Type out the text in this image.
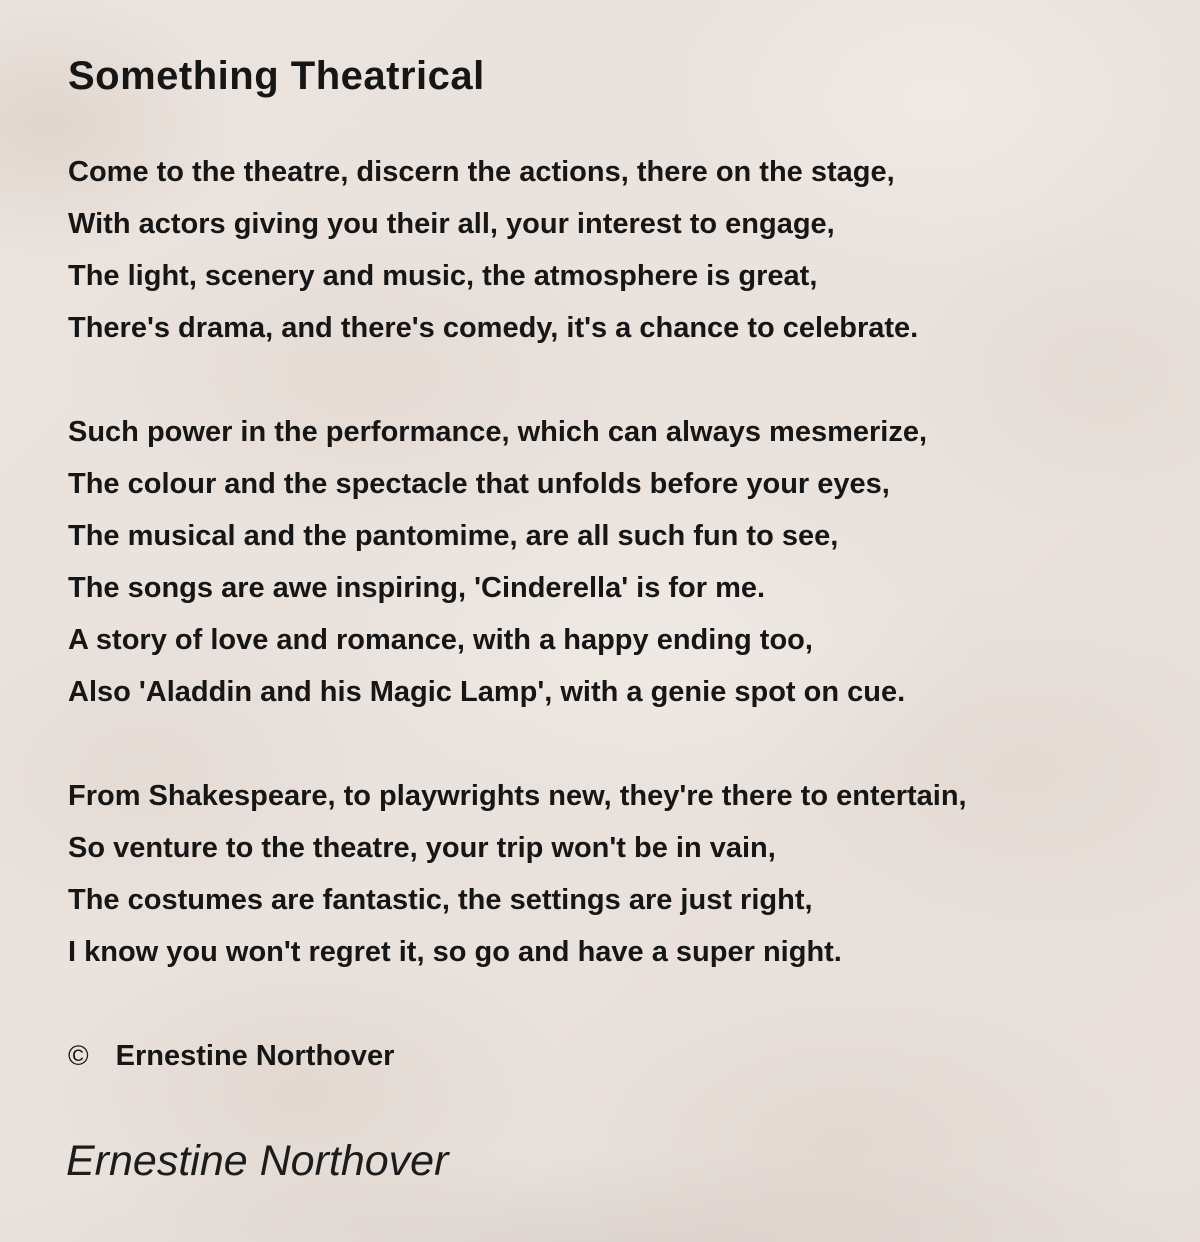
Something Theatrical

Come to the theatre, discern the actions, there on the stage,

With actors giving you their all, your interest to engage,

The light, scenery and music, the atmosphere is great,

There's drama, and there's comedy, it's a chance to celebrate.

Such power in the performance, which can always mesmerize,

The colour and the spectacle that unfolds before your eyes,

The musical and the pantomime, are all such fun to see,

The songs are awe inspiring, 'Cinderella' is for me.

A story of love and romance, with a happy ending too,

Also 'Aladdin and his Magic Lamp', with a genie spot on cue.

From Shakespeare, to playwrights new, they're there to entertain,

So venture to the theatre, your trip won't be in vain,

The costumes are fantastic, the settings are just right,

I know you won't regret it, so go and have a super night.

© Ernestine Northover
Ernestine Northover
